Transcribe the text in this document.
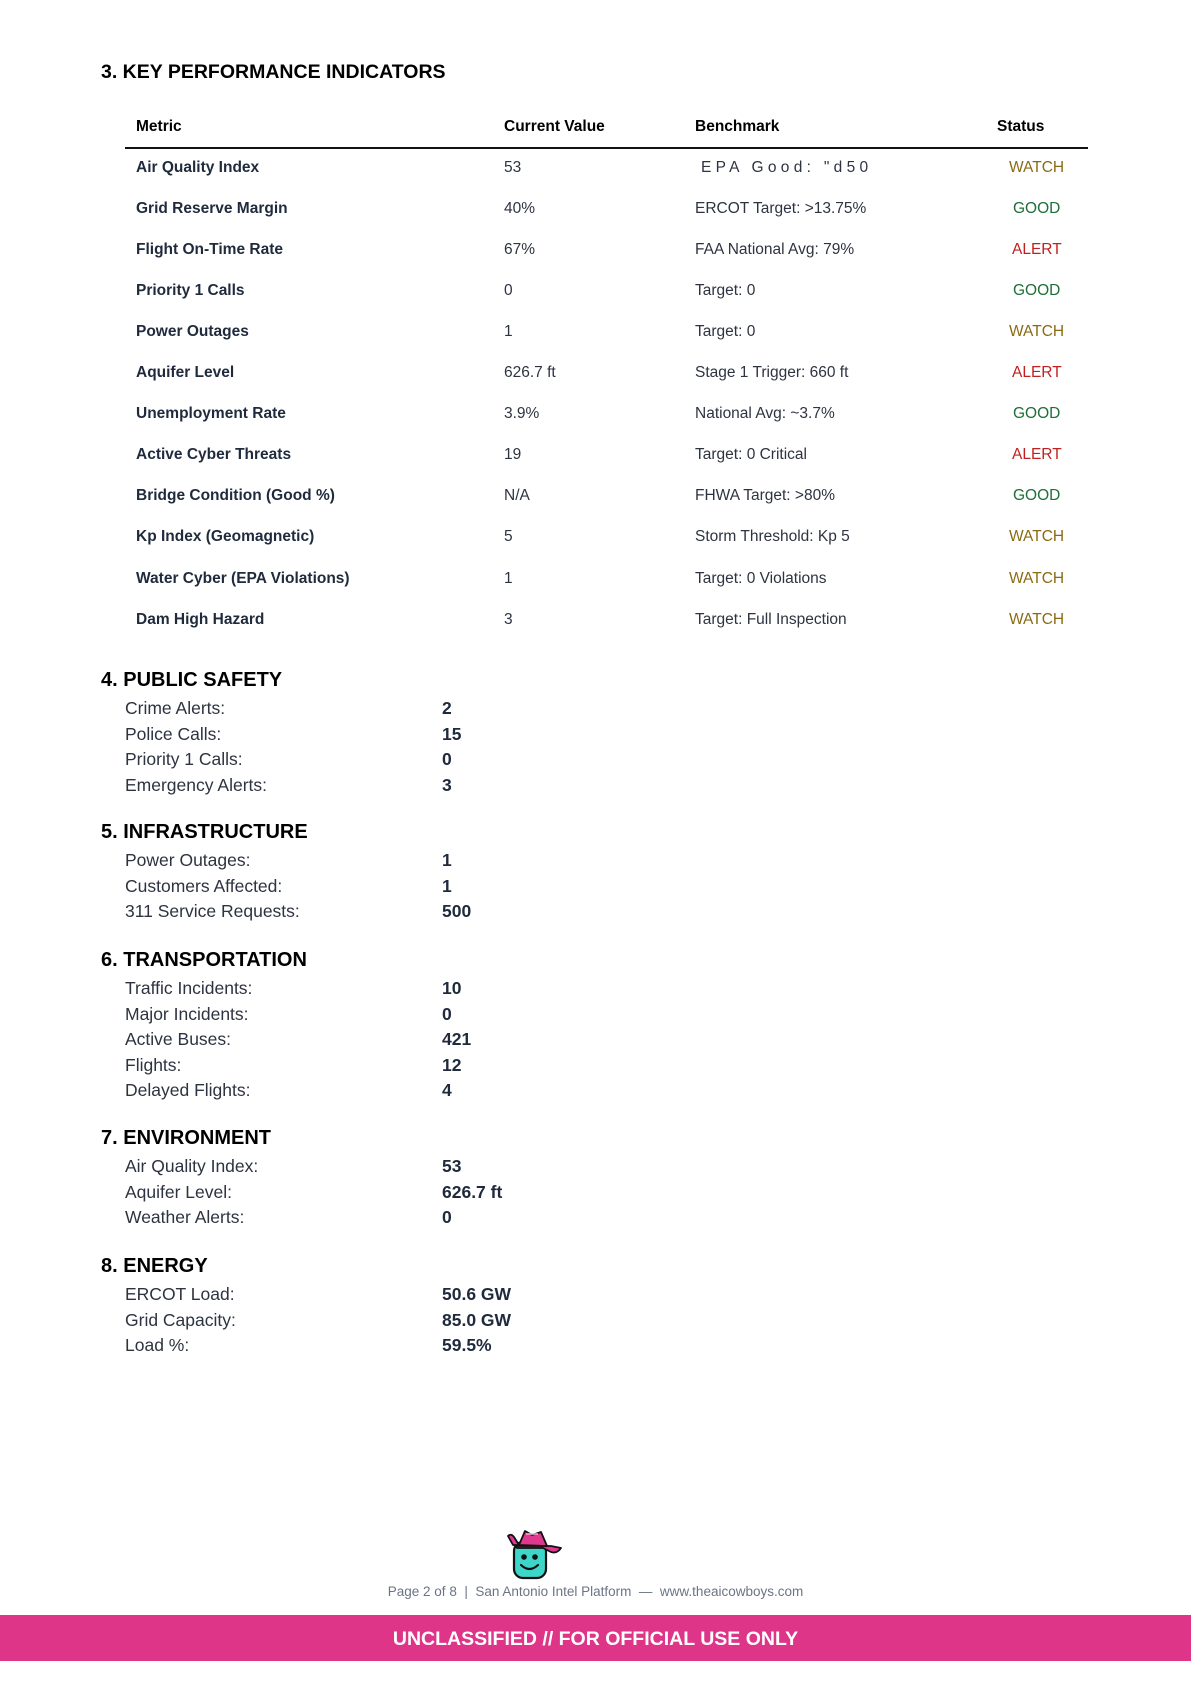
3. KEY PERFORMANCE INDICATORS
Metric	Current Value	Benchmark	Status
Air Quality Index	53	EPA Good: "d50	WATCH
Grid Reserve Margin	40%	ERCOT Target: >13.75%	GOOD
Flight On-Time Rate	67%	FAA National Avg: 79%	ALERT
Priority 1 Calls	0	Target: 0	GOOD
Power Outages	1	Target: 0	WATCH
Aquifer Level	626.7 ft	Stage 1 Trigger: 660 ft	ALERT
Unemployment Rate	3.9%	National Avg: ~3.7%	GOOD
Active Cyber Threats	19	Target: 0 Critical	ALERT
Bridge Condition (Good %)	N/A	FHWA Target: >80%	GOOD
Kp Index (Geomagnetic)	5	Storm Threshold: Kp 5	WATCH
Water Cyber (EPA Violations)	1	Target: 0 Violations	WATCH
Dam High Hazard	3	Target: Full Inspection	WATCH
4. PUBLIC SAFETY
Crime Alerts:	2
Police Calls:	15
Priority 1 Calls:	0
Emergency Alerts:	3
5. INFRASTRUCTURE
Power Outages:	1
Customers Affected:	1
311 Service Requests:	500
6. TRANSPORTATION
Traffic Incidents:	10
Major Incidents:	0
Active Buses:	421
Flights:	12
Delayed Flights:	4
7. ENVIRONMENT
Air Quality Index:	53
Aquifer Level:	626.7 ft
Weather Alerts:	0
8. ENERGY
ERCOT Load:	50.6 GW
Grid Capacity:	85.0 GW
Load %:	59.5%
Page 2 of 8  |  San Antonio Intel Platform  —  www.theaicowboys.com
UNCLASSIFIED // FOR OFFICIAL USE ONLY
